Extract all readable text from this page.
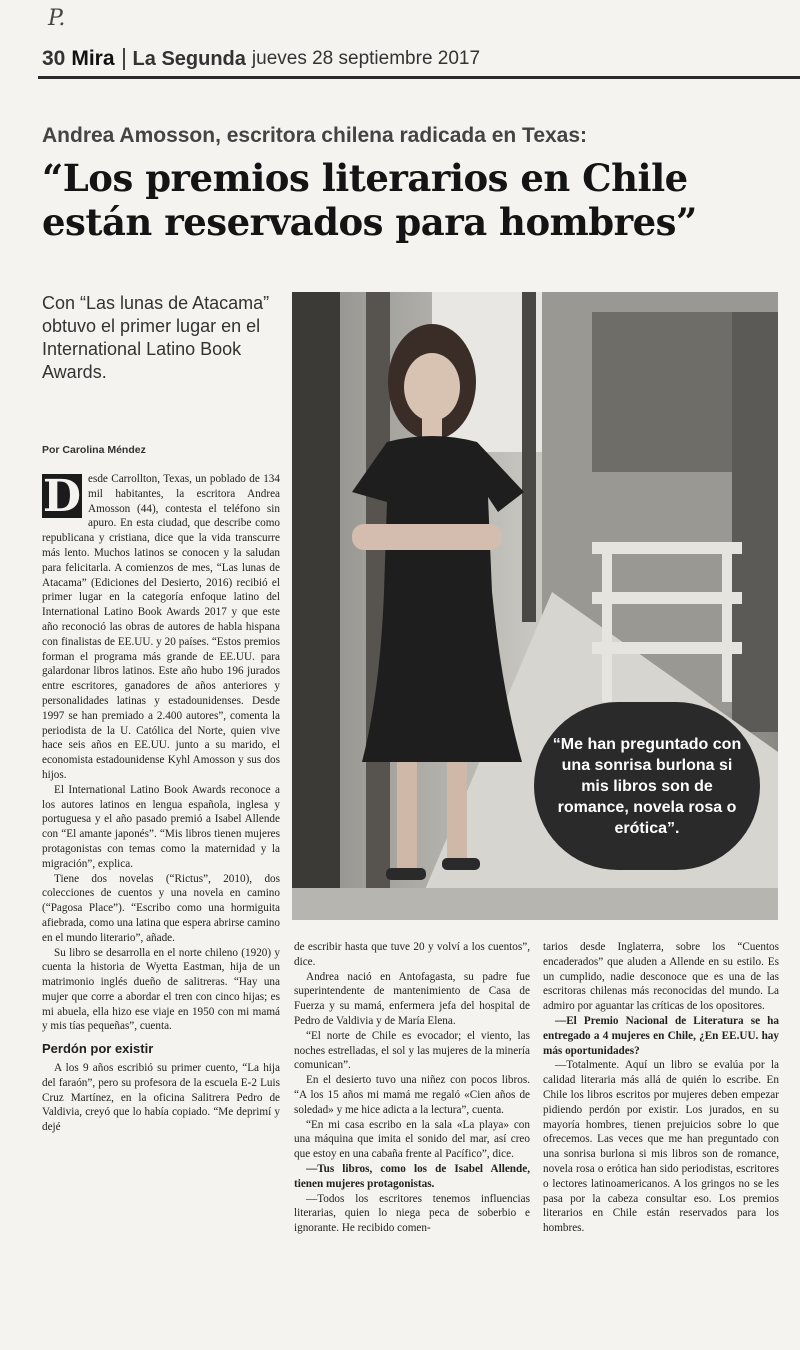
P.
30 Mira La Segunda jueves 28 septiembre 2017
Andrea Amosson, escritora chilena radicada en Texas:
“Los premios literarios en Chile
están reservados para hombres”
Con “Las lunas de Atacama” obtuvo el primer lugar en el International Latino Book Awards.
Por Carolina Méndez

D esde Carrollton, Texas, un poblado de 134 mil habitantes, la escritora Andrea Amosson (44), contesta el teléfono sin apuro. En esta ciudad, que describe como republicana y cristiana, dice que la vida transcurre más lento. Muchos latinos se conocen y la saludan para felicitarla. A comienzos de mes, “Las lunas de Atacama” (Ediciones del Desierto, 2016) recibió el primer lugar en la categoría enfoque latino del International Latino Book Awards 2017 y que este año reconoció las obras de autores de habla hispana con finalistas de EE.UU. y 20 países. “Estos premios forman el programa más grande de EE.UU. para galardonar libros latinos. Este año hubo 196 jurados entre escritores, ganadores de años anteriores y personalidades latinas y estadounidenses. Desde 1997 se han premiado a 2.400 autores”, comenta la periodista de la U. Católica del Norte, quien vive hace seis años en EE.UU. junto a su marido, el economista estadounidense Kyhl Amosson y sus dos hijos.

El International Latino Book Awards reconoce a los autores latinos en lengua española, inglesa y portuguesa y el año pasado premió a Isabel Allende con “El amante japonés”. “Mis libros tienen mujeres protagonistas con temas como la maternidad y la migración”, explica.

Tiene dos novelas (“Rictus”, 2010), dos colecciones de cuentos y una novela en camino (“Pagosa Place”). “Escribo como una hormiguita afiebrada, como una latina que espera abrirse camino en el mundo literario”, añade.

Su libro se desarrolla en el norte chileno (1920) y cuenta la historia de Wyetta Eastman, hija de un matrimonio inglés dueño de salitreras. “Hay una mujer que corre a abordar el tren con cinco hijas; es mi abuela, ella hizo ese viaje en 1950 con mi mamá y mis tías pequeñas”, cuenta.

Perdón por existir

A los 9 años escribió su primer cuento, “La hija del faraón”, pero su profesora de la escuela E-2 Luis Cruz Martínez, en la oficina Salitrera Pedro de Valdivia, creyó que lo había copiado. “Me deprimí y dejé

“Me han preguntado con una sonrisa burlona si mis libros son de romance, novela rosa o erótica”.

de escribir hasta que tuve 20 y volví a los cuentos”, dice.

Andrea nació en Antofagasta, su padre fue superintendente de mantenimiento de Casa de Fuerza y su mamá, enfermera jefa del hospital de Pedro de Valdivia y de María Elena.

“El norte de Chile es evocador; el viento, las noches estrelladas, el sol y las mujeres de la minería comunican”.

En el desierto tuvo una niñez con pocos libros. “A los 15 años mi mamá me regaló «Cien años de soledad» y me hice adicta a la lectura”, cuenta.

“En mi casa escribo en la sala «La playa» con una máquina que imita el sonido del mar, así creo que estoy en una cabaña frente al Pacífico”, dice.

—Tus libros, como los de Isabel Allende, tienen mujeres protagonistas.

—Todos los escritores tenemos influencias literarias, quien lo niega peca de soberbio e ignorante. He recibido comen-

tarios desde Inglaterra, sobre los “Cuentos encaderados” que aluden a Allende en su estilo. Es un cumplido, nadie desconoce que es una de las escritoras chilenas más reconocidas del mundo. La admiro por aguantar las críticas de los opositores.

—El Premio Nacional de Literatura se ha entregado a 4 mujeres en Chile, ¿En EE.UU. hay más oportunidades?

—Totalmente. Aquí un libro se evalúa por la calidad literaria más allá de quién lo escribe. En Chile los libros escritos por mujeres deben empezar pidiendo perdón por existir. Los jurados, en su mayoría hombres, tienen prejuicios sobre lo que ofrecemos. Las veces que me han preguntado con una sonrisa burlona si mis libros son de romance, novela rosa o erótica han sido periodistas, escritores o lectores latinoamericanos. A los gringos no se les pasa por la cabeza consultar eso. Los premios literarios en Chile están reservados para los hombres.
